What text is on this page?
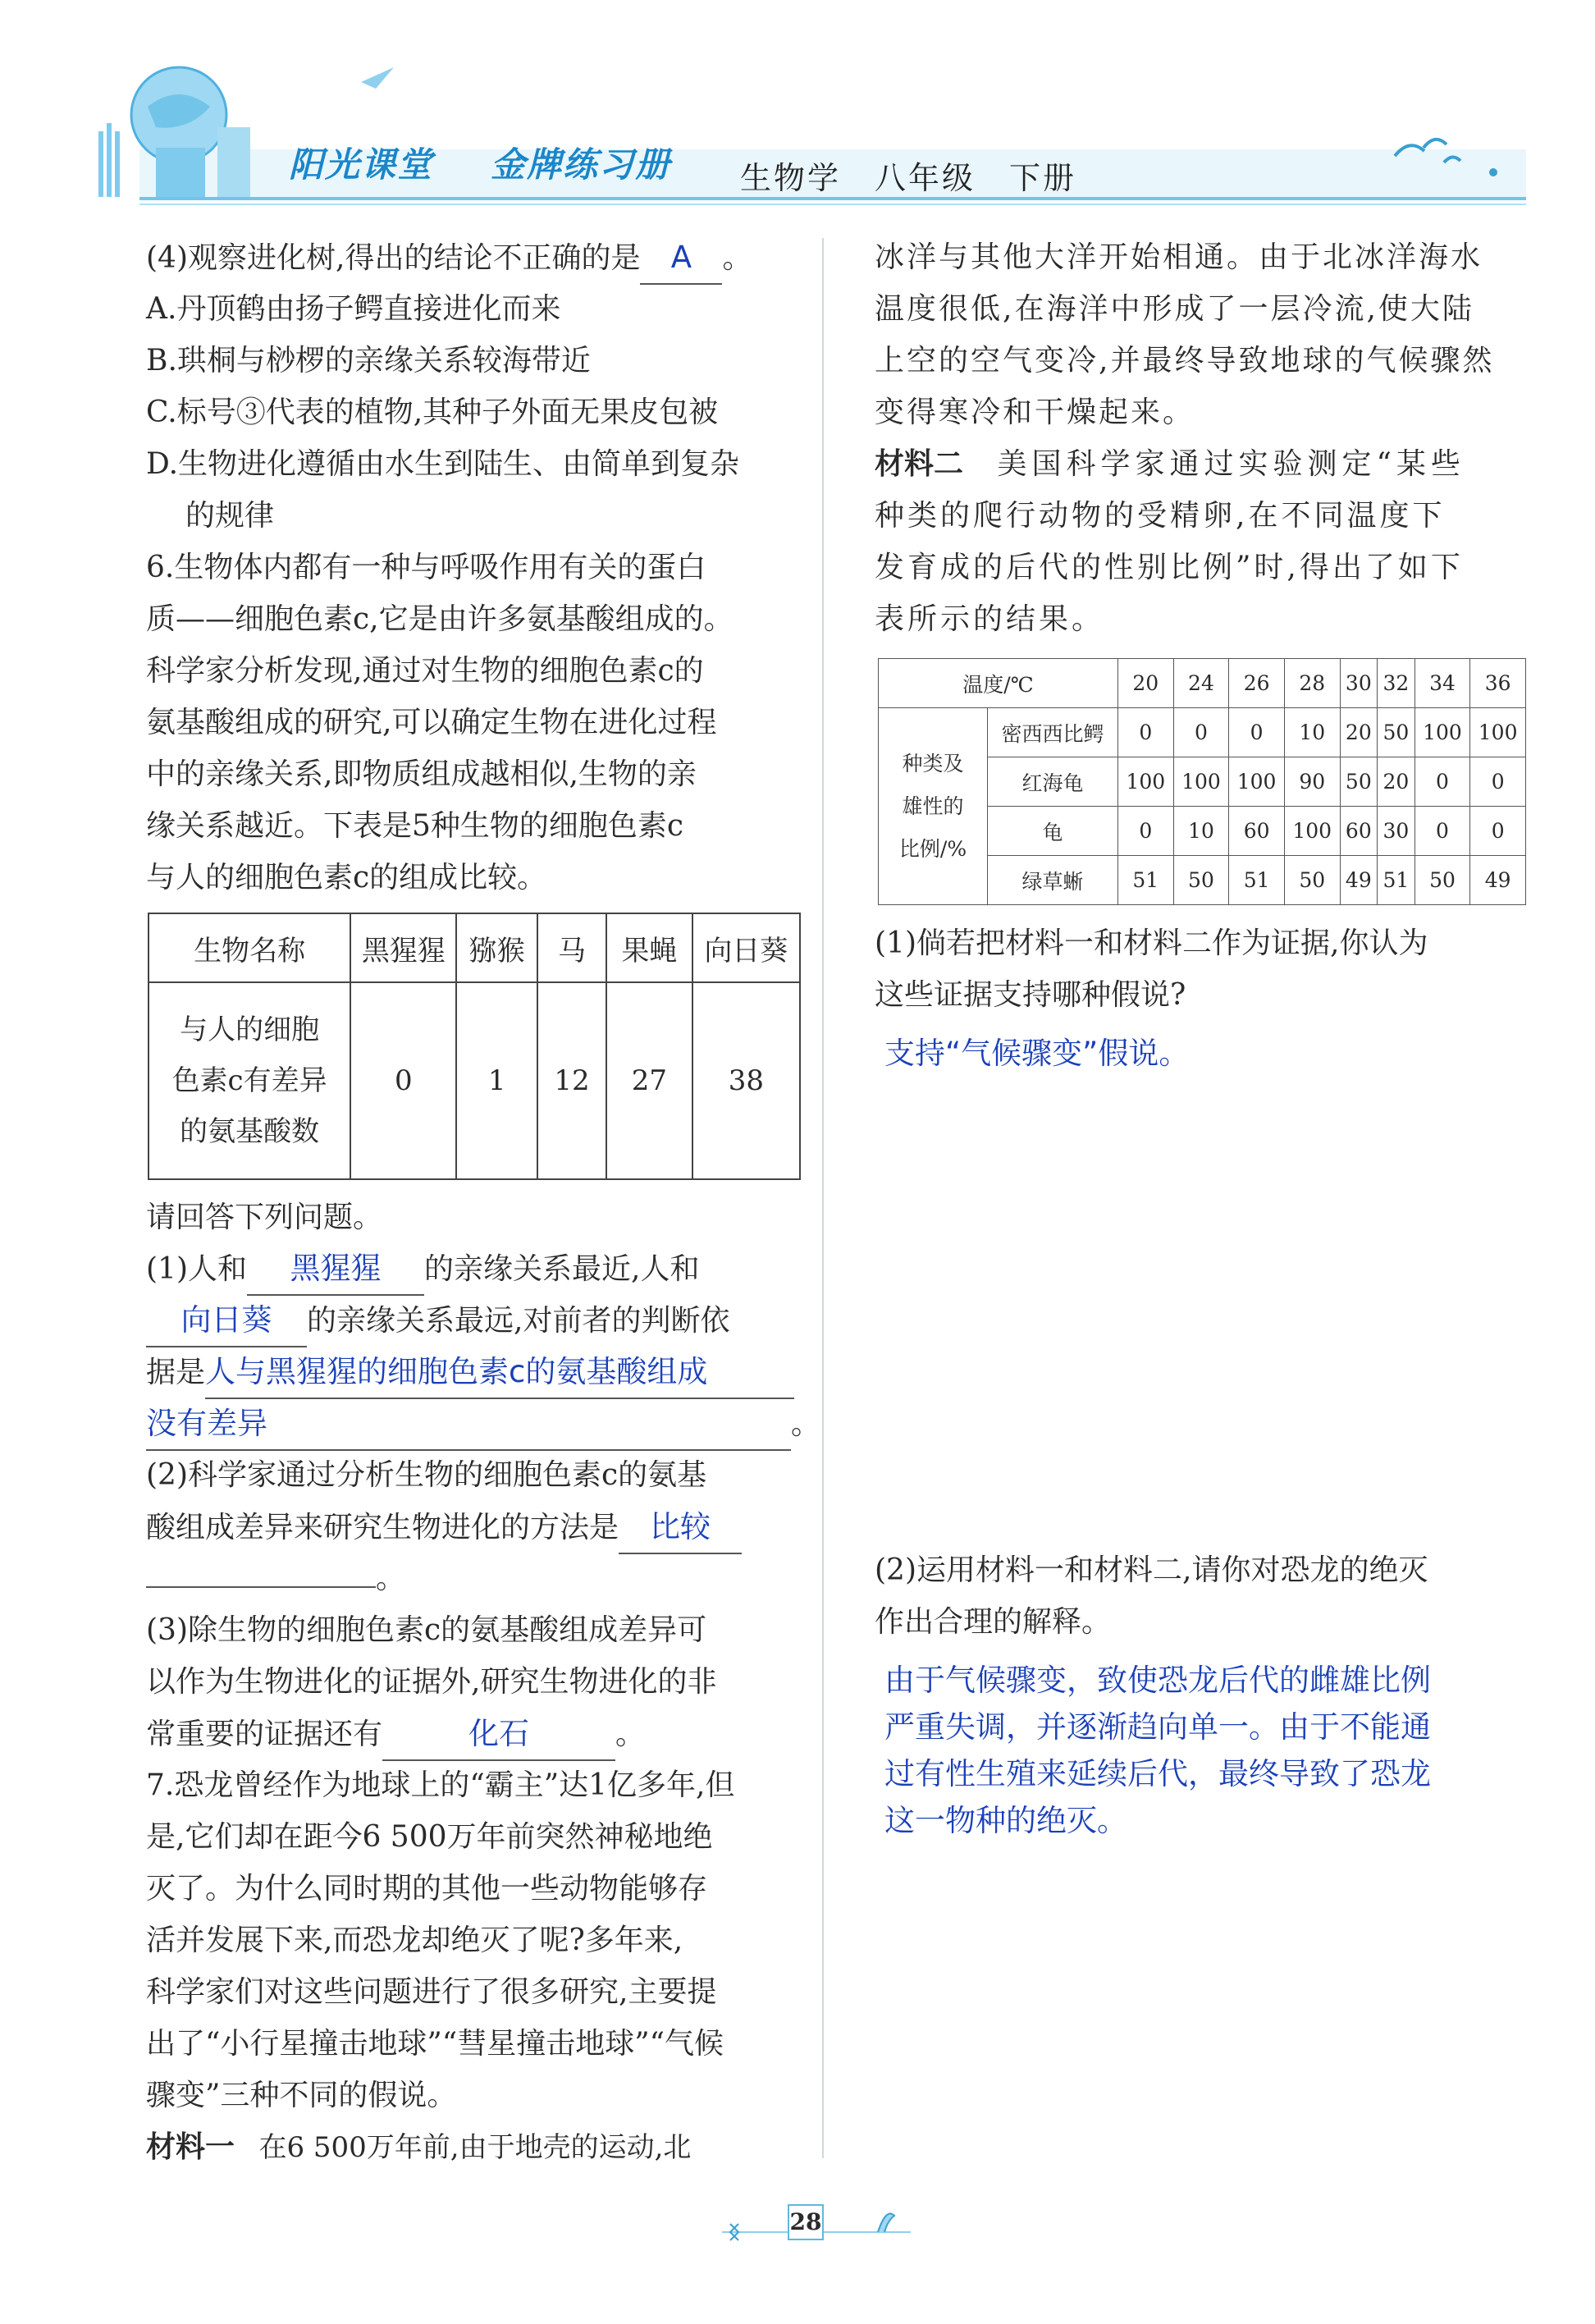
阳光课堂 金牌练习册 生物学　八年级　下册
(4)观察进化树,得出的结论不正确的是 A 。
A.丹顶鹤由扬子鳄直接进化而来
B.珙桐与桫椤的亲缘关系较海带近
C.标号③代表的植物,其种子外面无果皮包被
D.生物进化遵循由水生到陆生、由简单到复杂
的规律
6.生物体内都有一种与呼吸作用有关的蛋白
质——细胞色素c,它是由许多氨基酸组成的。
科学家分析发现,通过对生物的细胞色素c的
氨基酸组成的研究,可以确定生物在进化过程
中的亲缘关系,即物质组成越相似,生物的亲
缘关系越近。下表是5种生物的细胞色素c
与人的细胞色素c的组成比较。
生物名称	黑猩猩	猕猴	马	果蝇	向日葵

与人的细胞
色素c有差异
的氨基酸数	0	1	12	27	38
请回答下列问题。
(1)人和 黑猩猩 的亲缘关系最近,人和
向日葵 的亲缘关系最远,对前者的判断依
据是人与黑猩猩的细胞色素c的氨基酸组成
没有差异	。
(2)科学家通过分析生物的细胞色素c的氨基
酸组成差异来研究生物进化的方法是 比较
。
(3)除生物的细胞色素c的氨基酸组成差异可
以作为生物进化的证据外,研究生物进化的非
常重要的证据还有	化石	。
7.恐龙曾经作为地球上的“霸主”达1亿多年,但
是,它们却在距今6 500万年前突然神秘地绝
灭了。为什么同时期的其他一些动物能够存
活并发展下来,而恐龙却绝灭了呢?多年来,
科学家们对这些问题进行了很多研究,主要提
出了“小行星撞击地球”“彗星撞击地球”“气候
骤变”三种不同的假说。
材料一 在6 500万年前,由于地壳的运动,北
冰洋与其他大洋开始相通。由于北冰洋海水
温度很低,在海洋中形成了一层冷流,使大陆
上空的空气变冷,并最终导致地球的气候骤然
变得寒冷和干燥起来。
材料二 美国科学家通过实验测定“某些
种类的爬行动物的受精卵,在不同温度下
发育成的后代的性别比例”时,得出了如下
表所示的结果。
温度/℃		20	24	26	28	30	32	34	36

种类及
雄性的
比例/%	密西西比鳄	0	0	0	10	20	50	100	100
	红海龟	100	100	100	90	50	20	0	0
	龟	0	10	60	100	60	30	0	0
	绿草蜥	51	50	51	50	49	51	50	49
(1)倘若把材料一和材料二作为证据,你认为
这些证据支持哪种假说?
支持“气候骤变”假说。
(2)运用材料一和材料二,请你对恐龙的绝灭
作出合理的解释。
由于气候骤变，致使恐龙后代的雌雄比例
严重失调，并逐渐趋向单一。由于不能通
过有性生殖来延续后代，最终导致了恐龙
这一物种的绝灭。
28
